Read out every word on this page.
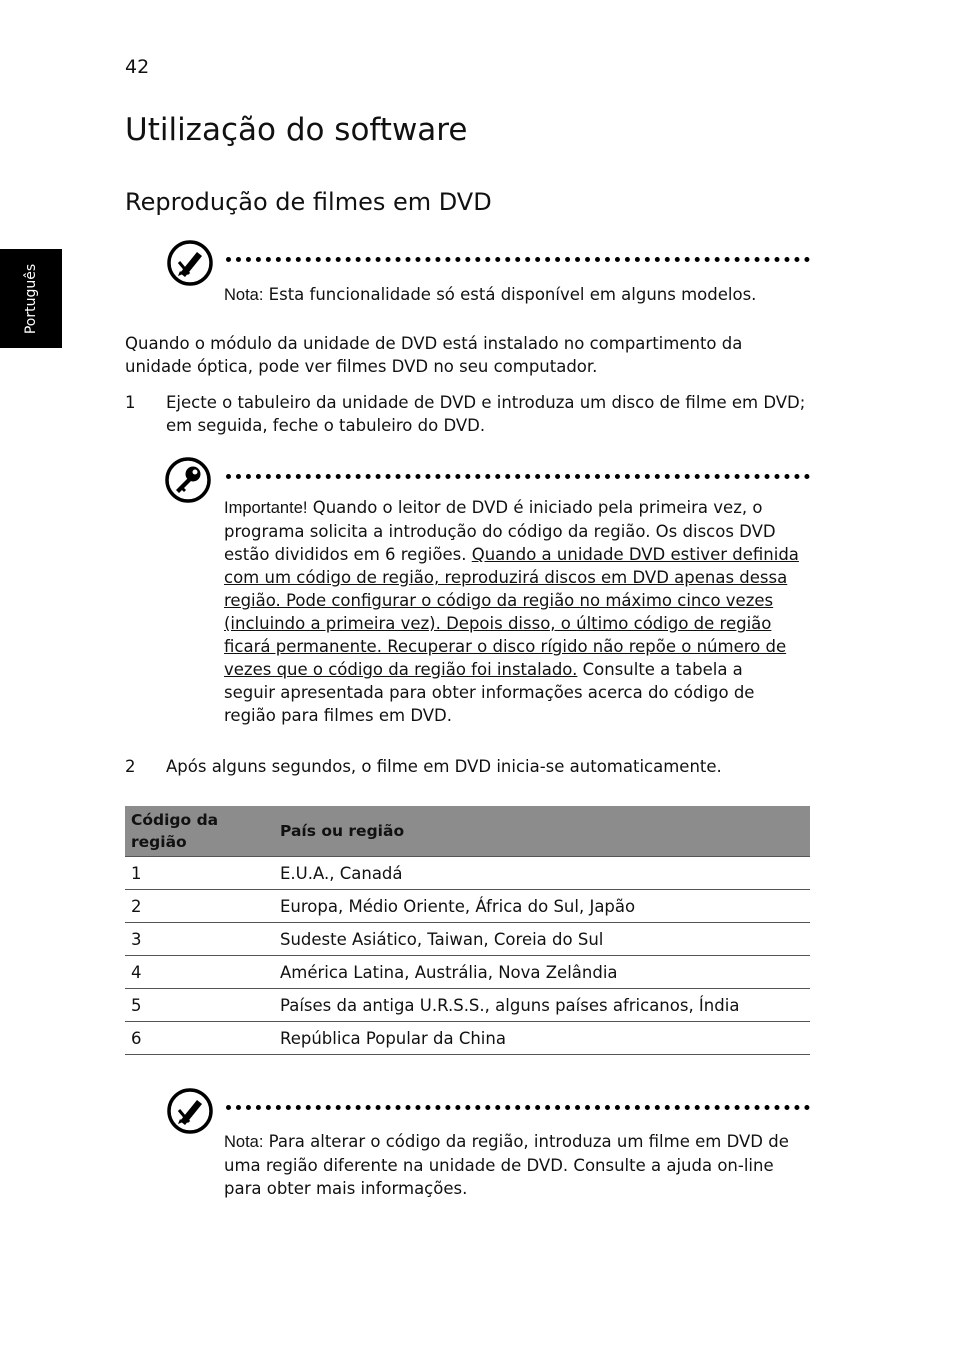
42
Português
Utilização do software
Reprodução de filmes em DVD
Nota: Esta funcionalidade só está disponível em alguns modelos.
Quando o módulo da unidade de DVD está instalado no compartimento da unidade óptica, pode ver filmes DVD no seu computador.
1 Ejecte o tabuleiro da unidade de DVD e introduza um disco de filme em DVD; em seguida, feche o tabuleiro do DVD.
Importante! Quando o leitor de DVD é iniciado pela primeira vez, o programa solicita a introdução do código da região. Os discos DVD estão divididos em 6 regiões. Quando a unidade DVD estiver definida com um código de região, reproduzirá discos em DVD apenas dessa região. Pode configurar o código da região no máximo cinco vezes (incluindo a primeira vez). Depois disso, o último código de região ficará permanente. Recuperar o disco rígido não repõe o número de vezes que o código da região foi instalado. Consulte a tabela a seguir apresentada para obter informações acerca do código de região para filmes em DVD.
2 Após alguns segundos, o filme em DVD inicia-se automaticamente.
Código da região	País ou região
1	E.U.A., Canadá
2	Europa, Médio Oriente, África do Sul, Japão
3	Sudeste Asiático, Taiwan, Coreia do Sul
4	América Latina, Austrália, Nova Zelândia
5	Países da antiga U.R.S.S., alguns países africanos, Índia
6	República Popular da China
Nota: Para alterar o código da região, introduza um filme em DVD de uma região diferente na unidade de DVD. Consulte a ajuda on-line para obter mais informações.
